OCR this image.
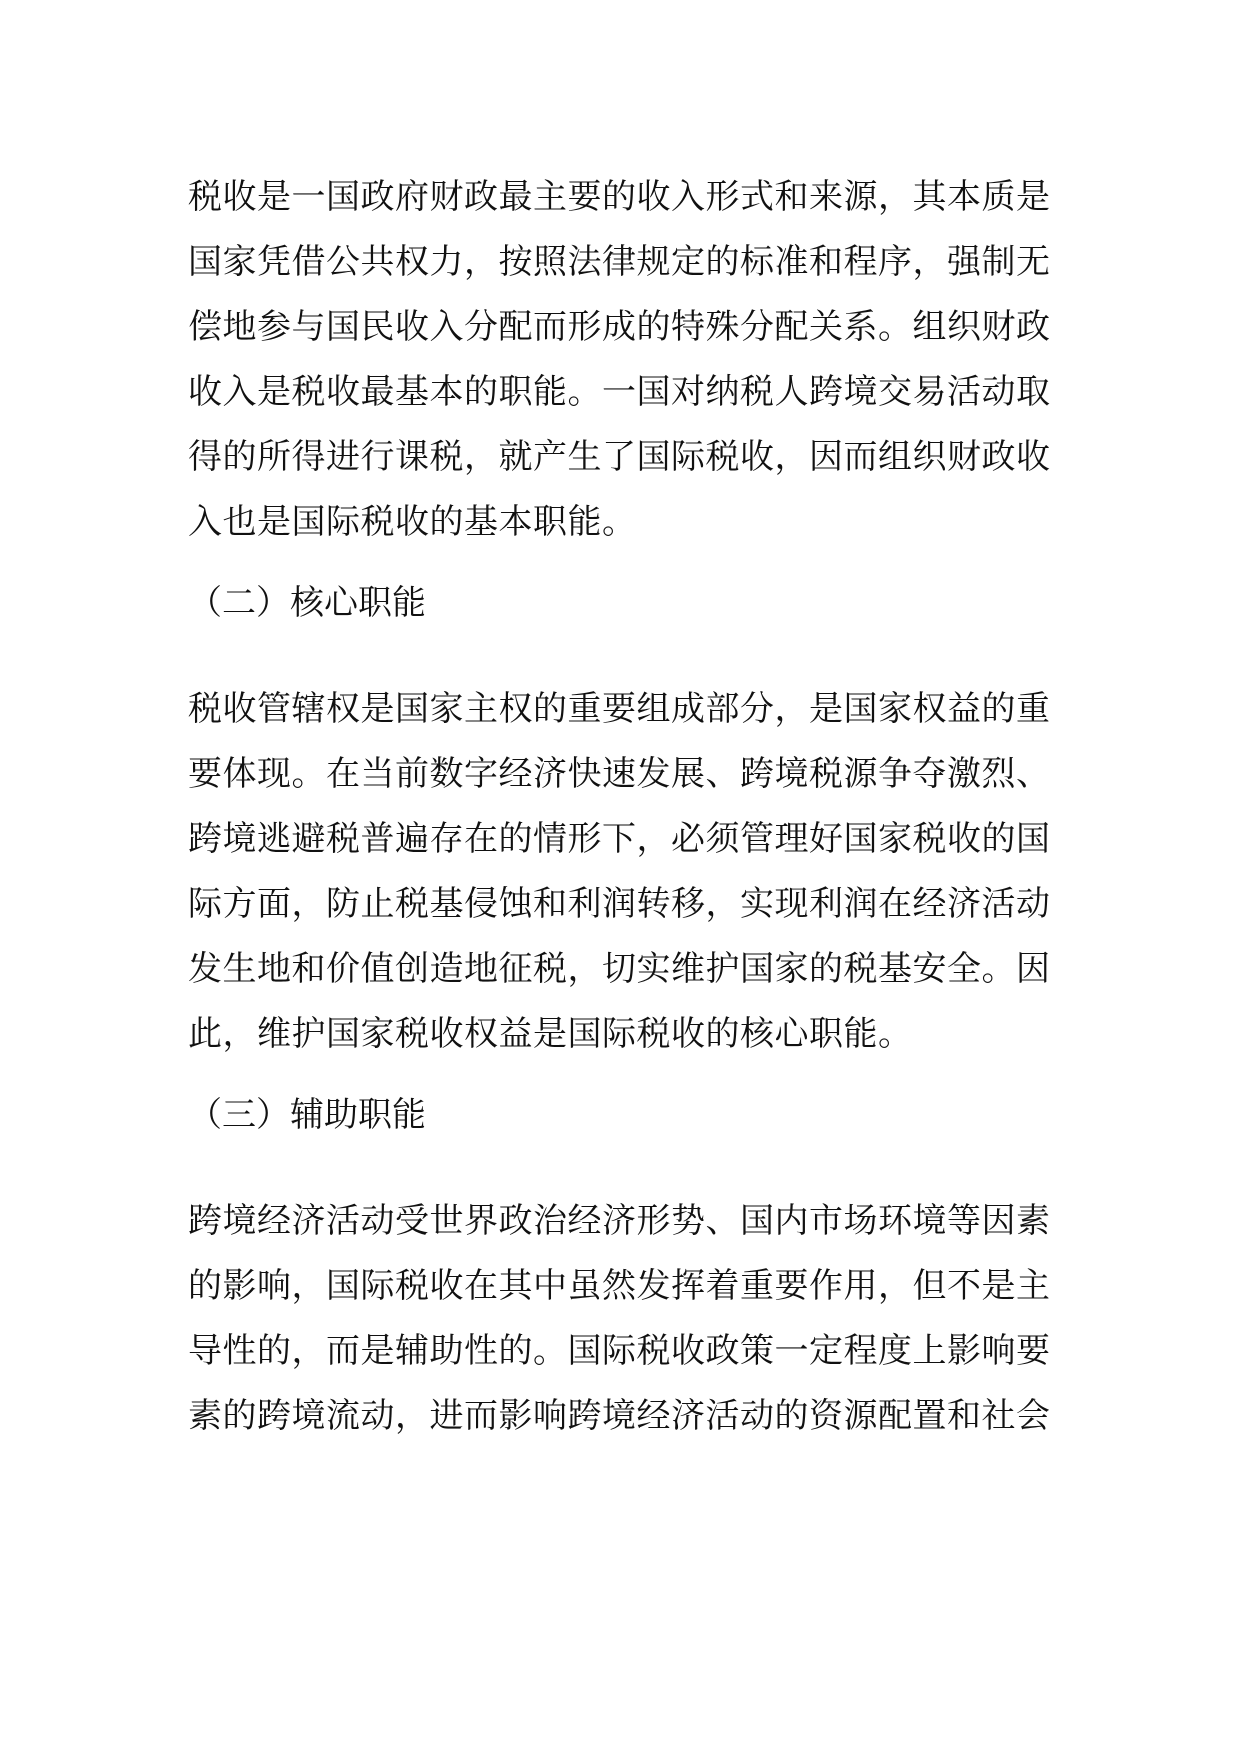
税收是一国政府财政最主要的收入形式和来源，其本质是
国家凭借公共权力，按照法律规定的标准和程序，强制无
偿地参与国民收入分配而形成的特殊分配关系。组织财政
收入是税收最基本的职能。一国对纳税人跨境交易活动取
得的所得进行课税，就产生了国际税收，因而组织财政收
入也是国际税收的基本职能。
（二）核心职能
税收管辖权是国家主权的重要组成部分，是国家权益的重
要体现。在当前数字经济快速发展、跨境税源争夺激烈、
跨境逃避税普遍存在的情形下，必须管理好国家税收的国
际方面，防止税基侵蚀和利润转移，实现利润在经济活动
发生地和价值创造地征税，切实维护国家的税基安全。因
此，维护国家税收权益是国际税收的核心职能。
（三）辅助职能
跨境经济活动受世界政治经济形势、国内市场环境等因素
的影响，国际税收在其中虽然发挥着重要作用，但不是主
导性的，而是辅助性的。国际税收政策一定程度上影响要
素的跨境流动，进而影响跨境经济活动的资源配置和社会
